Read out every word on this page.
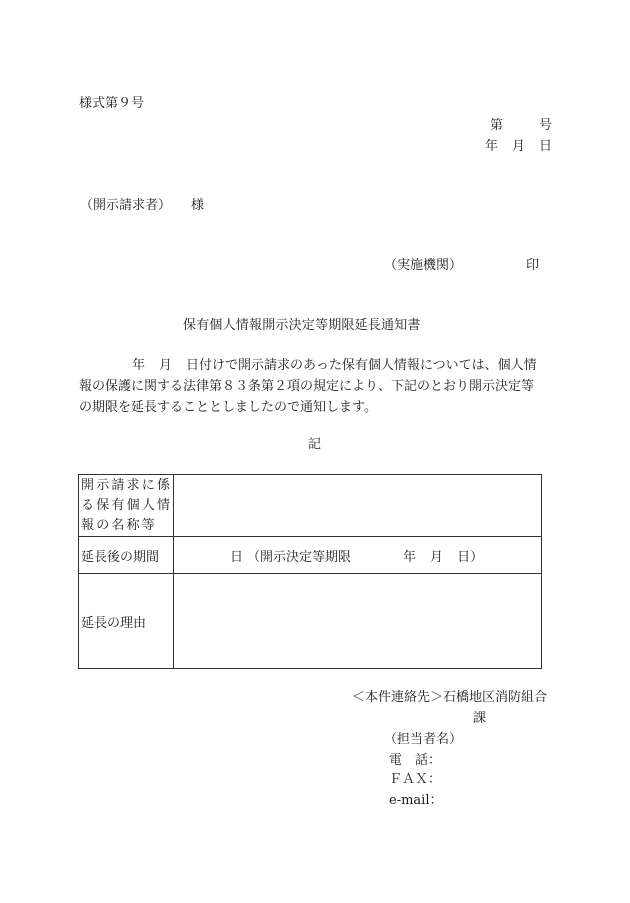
様式第９号
第	号
年 月 日
（開示請求者） 様
（実施機関）	印
保有個人情報開示決定等期限延長通知書
年 月 日付けで開示請求のあった保有個人情報については、個人情
報の保護に関する法律第８３条第２項の規定により、下記のとおり開示決定等
の期限を延長することとしましたので通知します。
記
開示請求に係
る保有個人情
報の名称等	

延長後の期間	日 （開示決定等期限 年 月 日）
延長の理由	
＜本件連絡先＞石橋地区消防組合
課
（担当者名）
電　話：
ＦＡＸ：
e-mail：
